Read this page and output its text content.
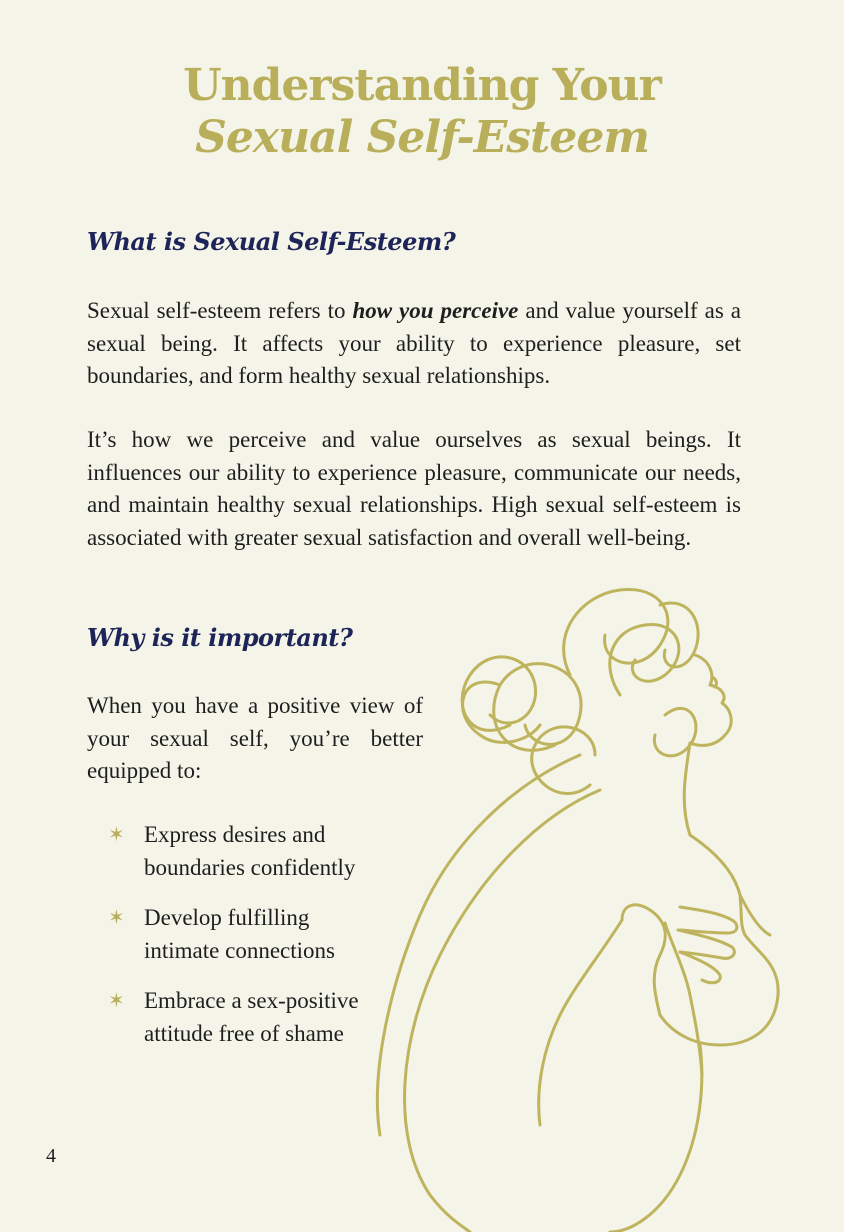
Understanding Your
Sexual Self-Esteem
What is Sexual Self-Esteem?
Sexual self-esteem refers to how you perceive and value yourself as a sexual being. It affects your ability to experience pleasure, set boundaries, and form healthy sexual relationships.
It’s how we perceive and value ourselves as sexual beings. It influences our ability to experience pleasure, communicate our needs, and maintain healthy sexual relationships. High sexual self-esteem is associated with greater sexual satisfaction and overall well-being.
Why is it important?
When you have a positive view of your sexual self, you’re better equipped to:
✶ Express desires and
boundaries confidently
✶ Develop fulfilling
intimate connections
✶ Embrace a sex-positive
attitude free of shame
4
